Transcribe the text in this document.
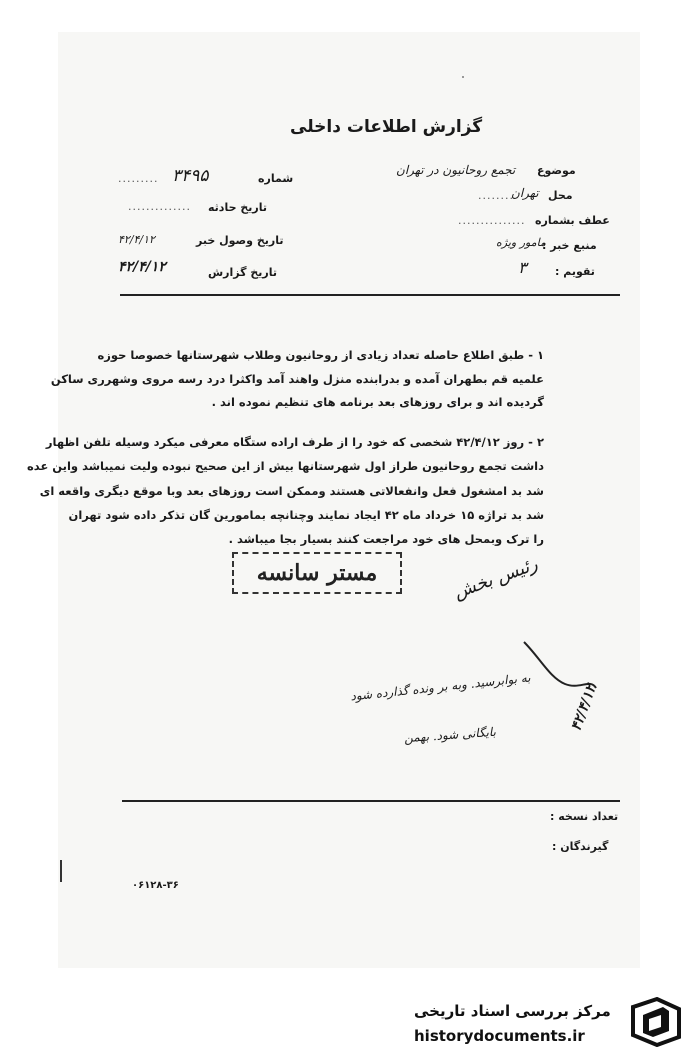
گزارش اطلاعات داخلی
موضوع
تجمع روحانیون در تهران
محل
........
تهران
عطف بشماره
...............
منبع خبر :
مامور ویژه
تقویم :
۳
شماره
۳۴۹۵
.........
تاریخ حادثه
..............
تاریخ وصول خبر
۴۲/۴/۱۲
تاریخ گزارش
۴۲/۴/۱۲
۱ - طبق اطلاع حاصله تعداد زیادی از روحانیون وطلاب شهرستانها خصوصا حوزه
علمیه قم بطهران آمده و بدرابنده منزل واهند آمد واکثرا درد رسه مروی وشهرری ساکن
گردیده اند و برای روزهای بعد برنامه های تنظیم نموده اند .
۲ - روز ۴۲/۴/۱۲ شخصی که خود را از طرف اراده ستگاه معرفی میکرد وسیله تلفن اظهار
داشت تجمع روحانیون طراز اول شهرستانها بیش از این صحیح نبوده ولیت نمیباشد واین عده
شد بد امشغول فعل وانفعالاتی هستند وممکن است روزهای بعد وبا موقع دیگری واقعه ای
شد بد تراژه ۱۵ خرداد ماه ۴۲ ایجاد نمایند وچنانچه بمامورین گان تذکر داده شود تهران
را ترک وبمحل های خود مراجعت کنند بسیار بجا میباشد .
مستر سانسه	رئیس بخش
به بوابرسید. وبه بر ونده گذارده شود	۴۲/۴/۱۲
بایگانی شود. بهمن
تعداد نسخه :
گیرندگان :
۰۶۱۲۸-۳۶
مرکز بررسی اسناد تاریخی
historydocuments.ir
